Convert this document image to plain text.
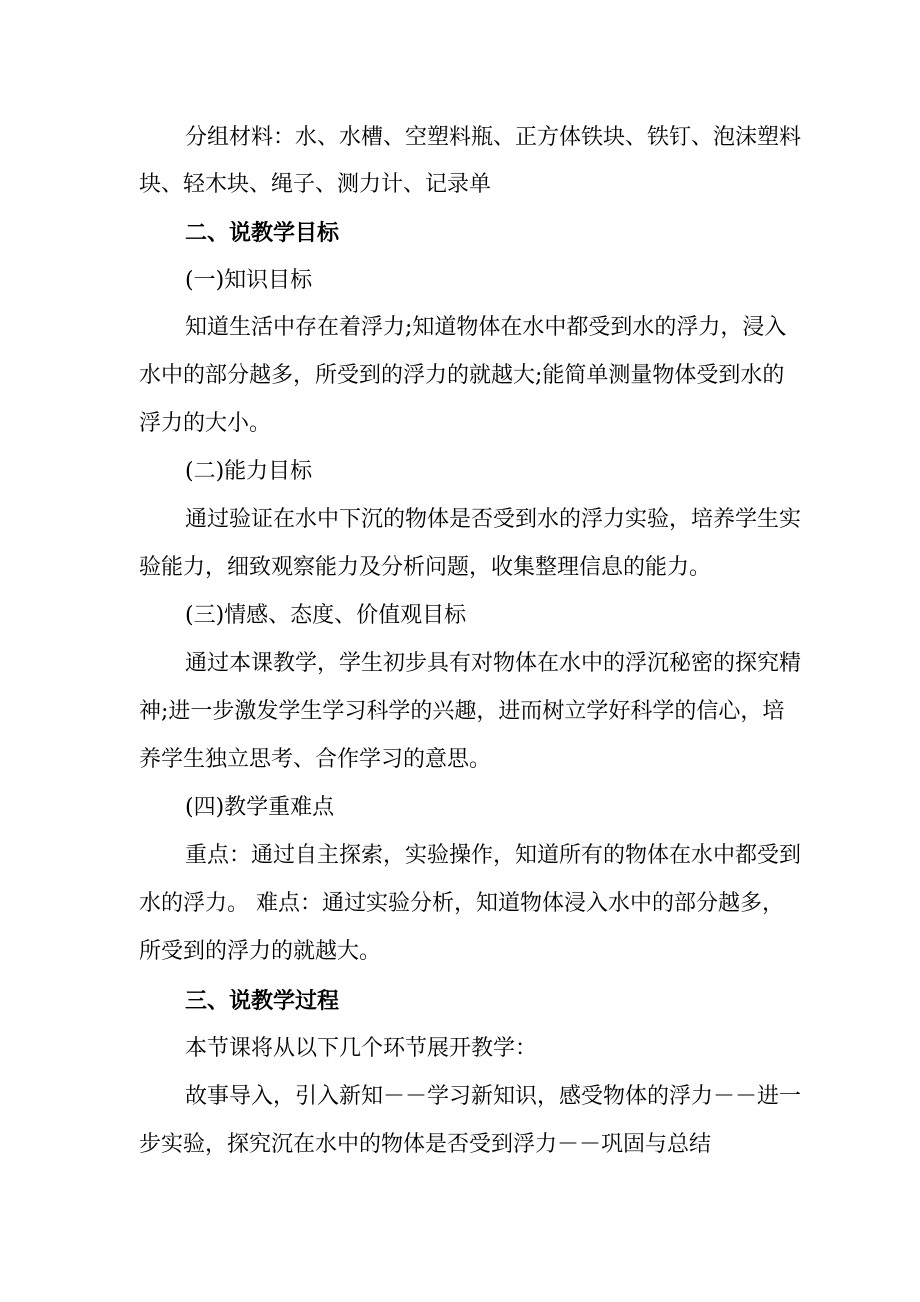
分组材料：水、水槽、空塑料瓶、正方体铁块、铁钉、泡沫塑料
块、轻木块、绳子、测力计、记录单
二、说教学目标
(一)知识目标
知道生活中存在着浮力;知道物体在水中都受到水的浮力，浸入
水中的部分越多，所受到的浮力的就越大;能简单测量物体受到水的
浮力的大小。
(二)能力目标
通过验证在水中下沉的物体是否受到水的浮力实验，培养学生实
验能力，细致观察能力及分析问题，收集整理信息的能力。
(三)情感、态度、价值观目标
通过本课教学，学生初步具有对物体在水中的浮沉秘密的探究精
神;进一步激发学生学习科学的兴趣，进而树立学好科学的信心，培
养学生独立思考、合作学习的意思。
(四)教学重难点
重点：通过自主探索，实验操作，知道所有的物体在水中都受到
水的浮力。 难点：通过实验分析，知道物体浸入水中的部分越多，
所受到的浮力的就越大。
三、说教学过程
本节课将从以下几个环节展开教学：
故事导入，引入新知－－学习新知识，感受物体的浮力－－进一
步实验，探究沉在水中的物体是否受到浮力－－巩固与总结
